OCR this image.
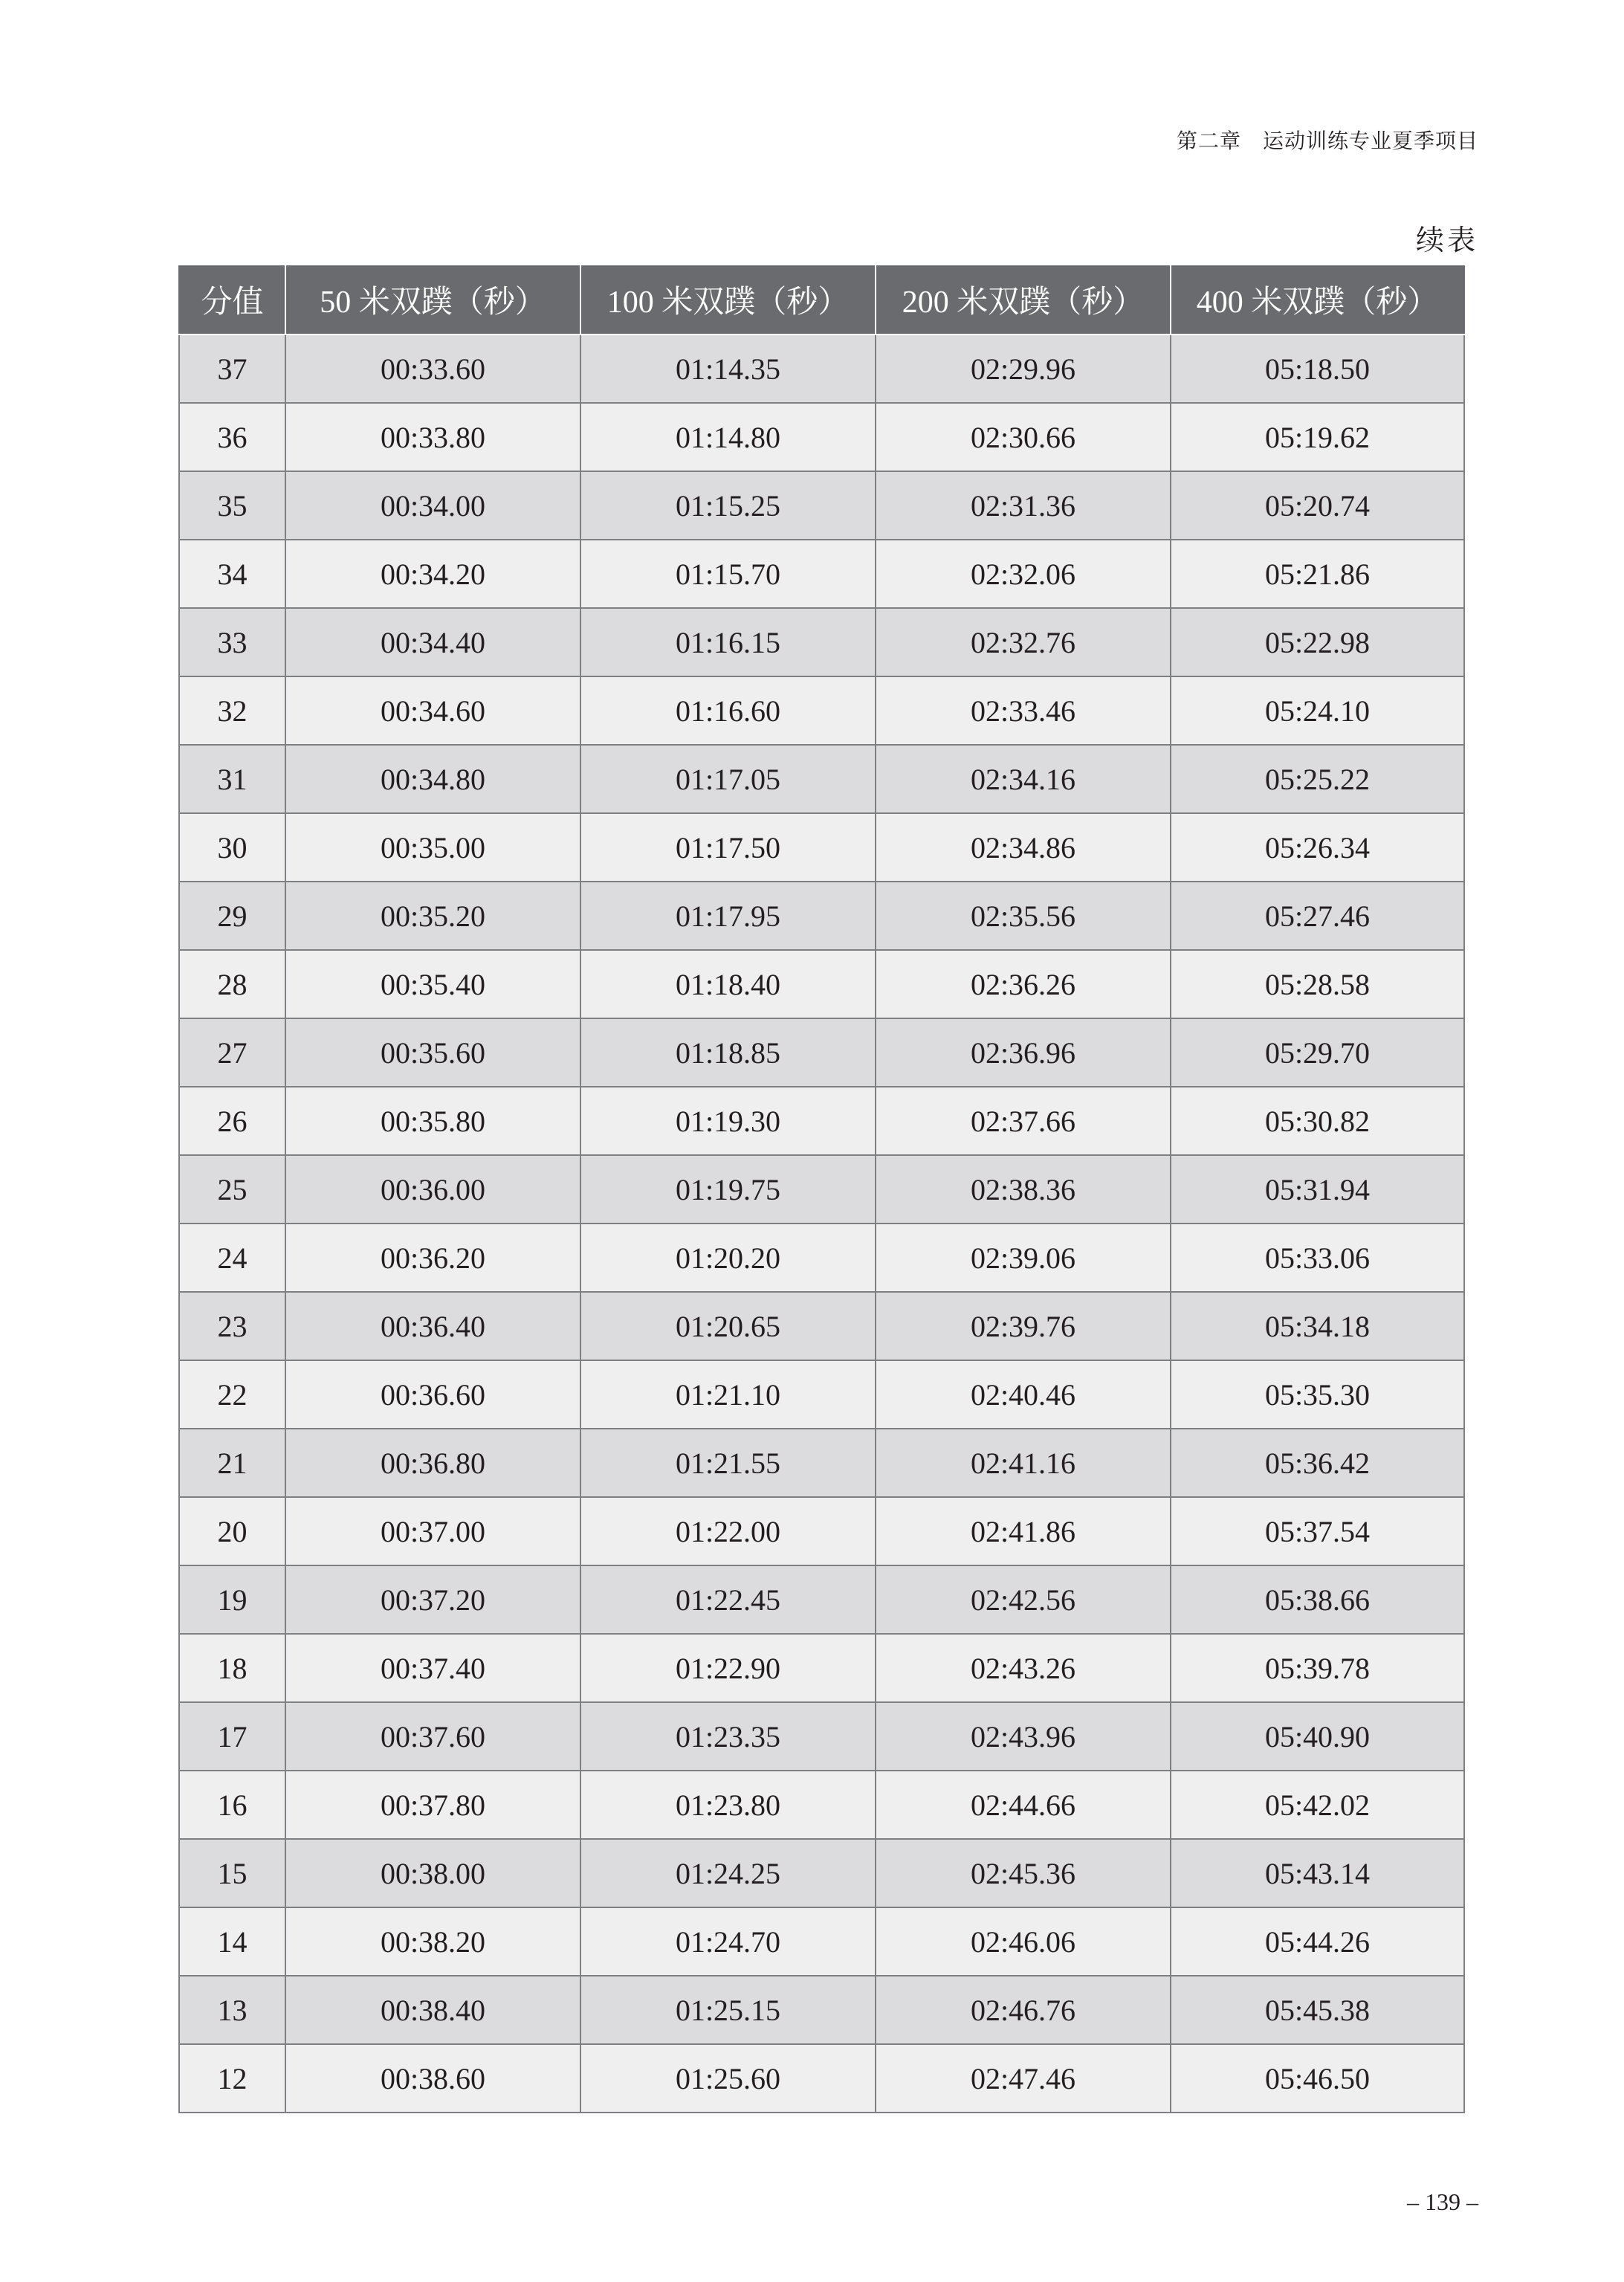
第二章　运动训练专业夏季项目
续表
分值	50 米双蹼（秒）	100 米双蹼（秒）	200 米双蹼（秒）	400 米双蹼（秒）
37	00:33.60	01:14.35	02:29.96	05:18.50
36	00:33.80	01:14.80	02:30.66	05:19.62
35	00:34.00	01:15.25	02:31.36	05:20.74
34	00:34.20	01:15.70	02:32.06	05:21.86
33	00:34.40	01:16.15	02:32.76	05:22.98
32	00:34.60	01:16.60	02:33.46	05:24.10
31	00:34.80	01:17.05	02:34.16	05:25.22
30	00:35.00	01:17.50	02:34.86	05:26.34
29	00:35.20	01:17.95	02:35.56	05:27.46
28	00:35.40	01:18.40	02:36.26	05:28.58
27	00:35.60	01:18.85	02:36.96	05:29.70
26	00:35.80	01:19.30	02:37.66	05:30.82
25	00:36.00	01:19.75	02:38.36	05:31.94
24	00:36.20	01:20.20	02:39.06	05:33.06
23	00:36.40	01:20.65	02:39.76	05:34.18
22	00:36.60	01:21.10	02:40.46	05:35.30
21	00:36.80	01:21.55	02:41.16	05:36.42
20	00:37.00	01:22.00	02:41.86	05:37.54
19	00:37.20	01:22.45	02:42.56	05:38.66
18	00:37.40	01:22.90	02:43.26	05:39.78
17	00:37.60	01:23.35	02:43.96	05:40.90
16	00:37.80	01:23.80	02:44.66	05:42.02
15	00:38.00	01:24.25	02:45.36	05:43.14
14	00:38.20	01:24.70	02:46.06	05:44.26
13	00:38.40	01:25.15	02:46.76	05:45.38
12	00:38.60	01:25.60	02:47.46	05:46.50
– 139 –
